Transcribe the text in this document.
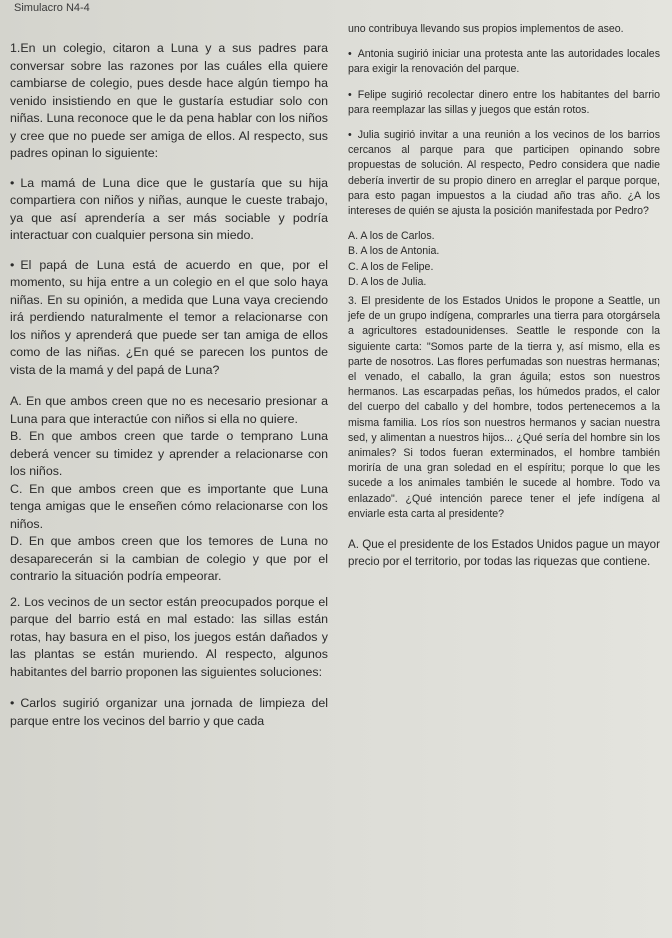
Simulacro N4-4

1.En un colegio, citaron a Luna y a sus padres para conversar sobre las razones por las cuáles ella quiere cambiarse de colegio, pues desde hace algún tiempo ha venido insistiendo en que le gustaría estudiar solo con niñas. Luna reconoce que le da pena hablar con los niños y cree que no puede ser amiga de ellos. Al respecto, sus padres opinan lo siguiente:

• La mamá de Luna dice que le gustaría que su hija compartiera con niños y niñas, aunque le cueste trabajo, ya que así aprendería a ser más sociable y podría interactuar con cualquier persona sin miedo.

• El papá de Luna está de acuerdo en que, por el momento, su hija entre a un colegio en el que solo haya niñas. En su opinión, a medida que Luna vaya creciendo irá perdiendo naturalmente el temor a relacionarse con los niños y aprenderá que puede ser tan amiga de ellos como de las niñas. ¿En qué se parecen los puntos de vista de la mamá y del papá de Luna?

A. En que ambos creen que no es necesario presionar a Luna para que interactúe con niños si ella no quiere.

B. En que ambos creen que tarde o temprano Luna deberá vencer su timidez y aprender a relacionarse con los niños.

C. En que ambos creen que es importante que Luna tenga amigas que le enseñen cómo relacionarse con los niños.

D. En que ambos creen que los temores de Luna no desaparecerán si la cambian de colegio y que por el contrario la situación podría empeorar.

2. Los vecinos de un sector están preocupados porque el parque del barrio está en mal estado: las sillas están rotas, hay basura en el piso, los juegos están dañados y las plantas se están muriendo. Al respecto, algunos habitantes del barrio proponen las siguientes soluciones:

• Carlos sugirió organizar una jornada de limpieza del parque entre los vecinos del barrio y que cada

uno contribuya llevando sus propios implementos de aseo.

• Antonia sugirió iniciar una protesta ante las autoridades locales para exigir la renovación del parque.

• Felipe sugirió recolectar dinero entre los habitantes del barrio para reemplazar las sillas y juegos que están rotos.

• Julia sugirió invitar a una reunión a los vecinos de los barrios cercanos al parque para que participen opinando sobre propuestas de solución. Al respecto, Pedro considera que nadie debería invertir de su propio dinero en arreglar el parque porque, para esto pagan impuestos a la ciudad año tras año. ¿A los intereses de quién se ajusta la posición manifestada por Pedro?

A. A los de Carlos.

B. A los de Antonia.

C. A los de Felipe.

D. A los de Julia.

3. El presidente de los Estados Unidos le propone a Seattle, un jefe de un grupo indígena, comprarles una tierra para otorgársela a agricultores estadounidenses. Seattle le responde con la siguiente carta: "Somos parte de la tierra y, así mismo, ella es parte de nosotros. Las flores perfumadas son nuestras hermanas; el venado, el caballo, la gran águila; estos son nuestros hermanos. Las escarpadas peñas, los húmedos prados, el calor del cuerpo del caballo y del hombre, todos pertenecemos a la misma familia. Los ríos son nuestros hermanos y sacian nuestra sed, y alimentan a nuestros hijos... ¿Qué sería del hombre sin los animales? Si todos fueran exterminados, el hombre también moriría de una gran soledad en el espíritu; porque lo que les sucede a los animales también le sucede al hombre. Todo va enlazado". ¿Qué intención parece tener el jefe indígena al enviarle esta carta al presidente?

A. Que el presidente de los Estados Unidos pague un mayor precio por el territorio, por todas las riquezas que contiene.
